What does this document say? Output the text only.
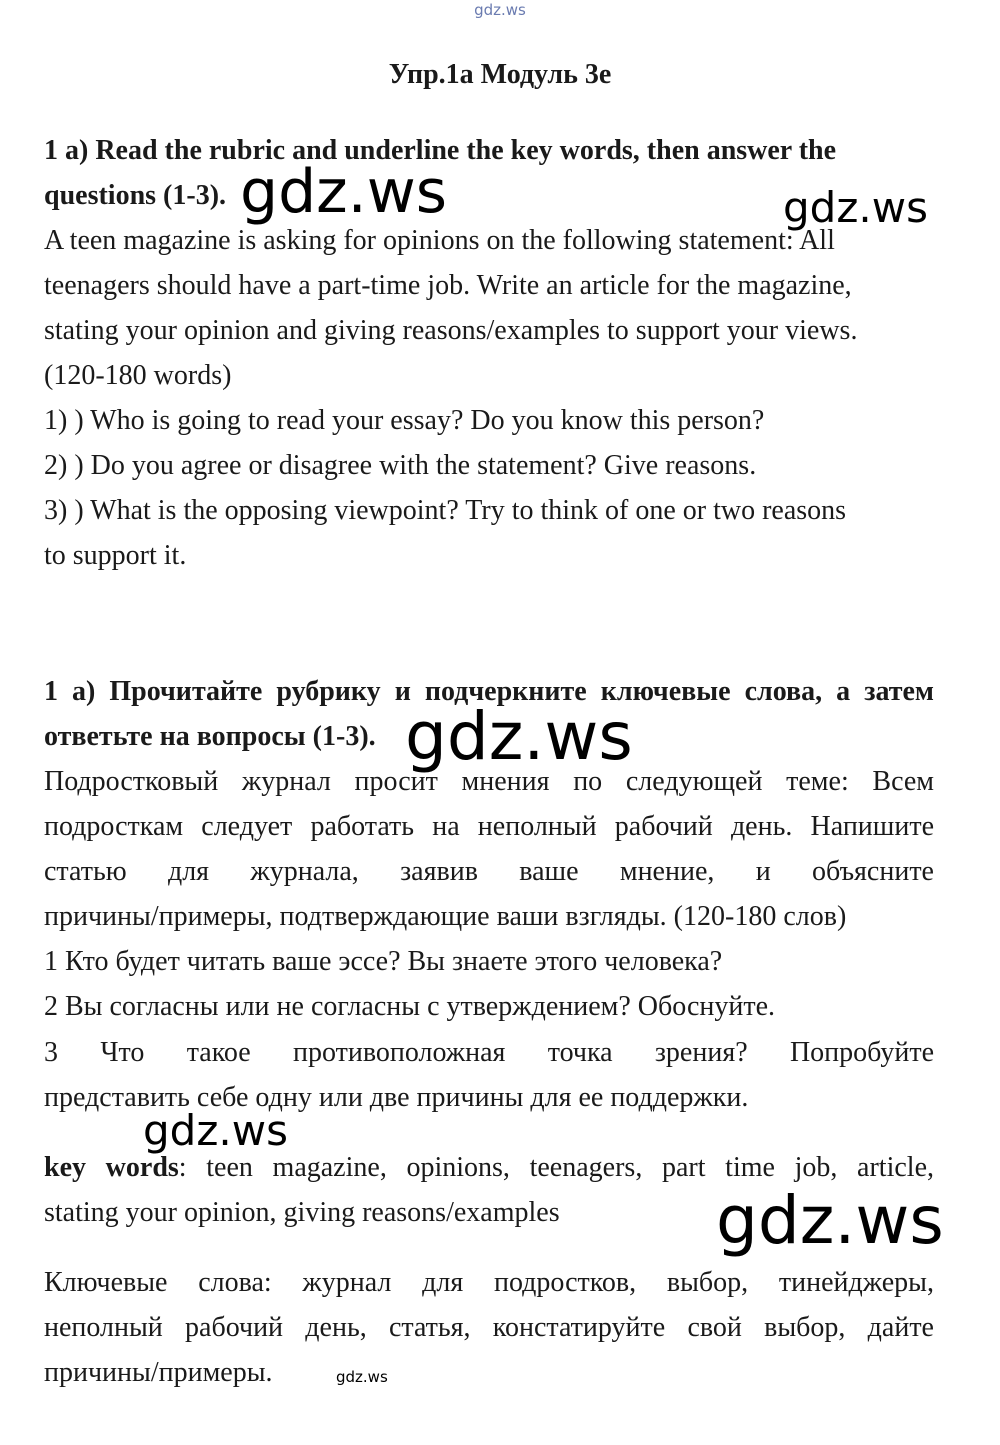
gdz.ws
Упр.1а Модуль 3е
1 a) Read the rubric and underline the key words, then answer the
questions (1-3).
A teen magazine is asking for opinions on the following statement: All
teenagers should have a part-time job. Write an article for the magazine,
stating your opinion and giving reasons/examples to support your views.
(120-180 words)
1) ) Who is going to read your essay? Do you know this person?
2) ) Do you agree or disagree with the statement? Give reasons.
3) ) What is the opposing viewpoint? Try to think of one or two reasons
to support it.
1 а) Прочитайте рубрику и подчеркните ключевые слова, а затем
ответьте на вопросы (1-3).
Подростковый журнал просит мнения по следующей теме: Всем
подросткам следует работать на неполный рабочий день. Напишите
статью для журнала, заявив ваше мнение, и объясните
причины/примеры, подтверждающие ваши взгляды. (120-180 слов)
1 Кто будет читать ваше эссе? Вы знаете этого человека?
2 Вы согласны или не согласны с утверждением? Обоснуйте.
3 Что такое противоположная точка зрения? Попробуйте
представить себе одну или две причины для ее поддержки.
key words: teen magazine, opinions, teenagers, part time job, article,
stating your opinion, giving reasons/examples
Ключевые слова: журнал для подростков, выбор, тинейджеры,
неполный рабочий день, статья, констатируйте свой выбор, дайте
причины/примеры.
gdz.ws	gdz.ws
gdz.ws
gdz.ws
gdz.ws
gdz.ws
